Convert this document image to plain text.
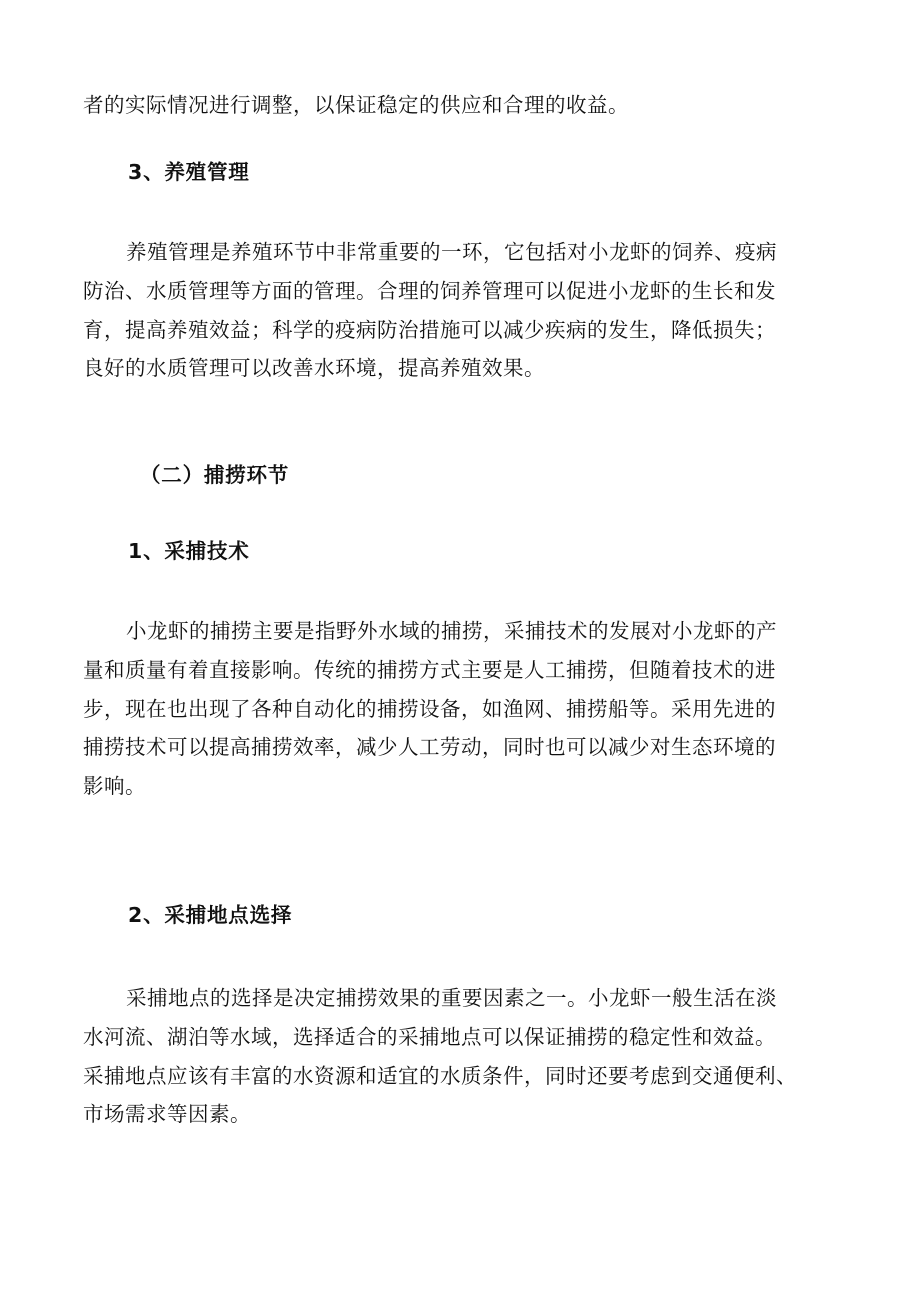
者的实际情况进行调整，以保证稳定的供应和合理的收益。
3、养殖管理
养殖管理是养殖环节中非常重要的一环，它包括对小龙虾的饲养、疫病
防治、水质管理等方面的管理。合理的饲养管理可以促进小龙虾的生长和发
育，提高养殖效益；科学的疫病防治措施可以减少疾病的发生，降低损失；
良好的水质管理可以改善水环境，提高养殖效果。
（二）捕捞环节
1、采捕技术
小龙虾的捕捞主要是指野外水域的捕捞，采捕技术的发展对小龙虾的产
量和质量有着直接影响。传统的捕捞方式主要是人工捕捞，但随着技术的进
步，现在也出现了各种自动化的捕捞设备，如渔网、捕捞船等。采用先进的
捕捞技术可以提高捕捞效率，减少人工劳动，同时也可以减少对生态环境的
影响。
2、采捕地点选择
采捕地点的选择是决定捕捞效果的重要因素之一。小龙虾一般生活在淡
水河流、湖泊等水域，选择适合的采捕地点可以保证捕捞的稳定性和效益。
采捕地点应该有丰富的水资源和适宜的水质条件，同时还要考虑到交通便利、
市场需求等因素。
